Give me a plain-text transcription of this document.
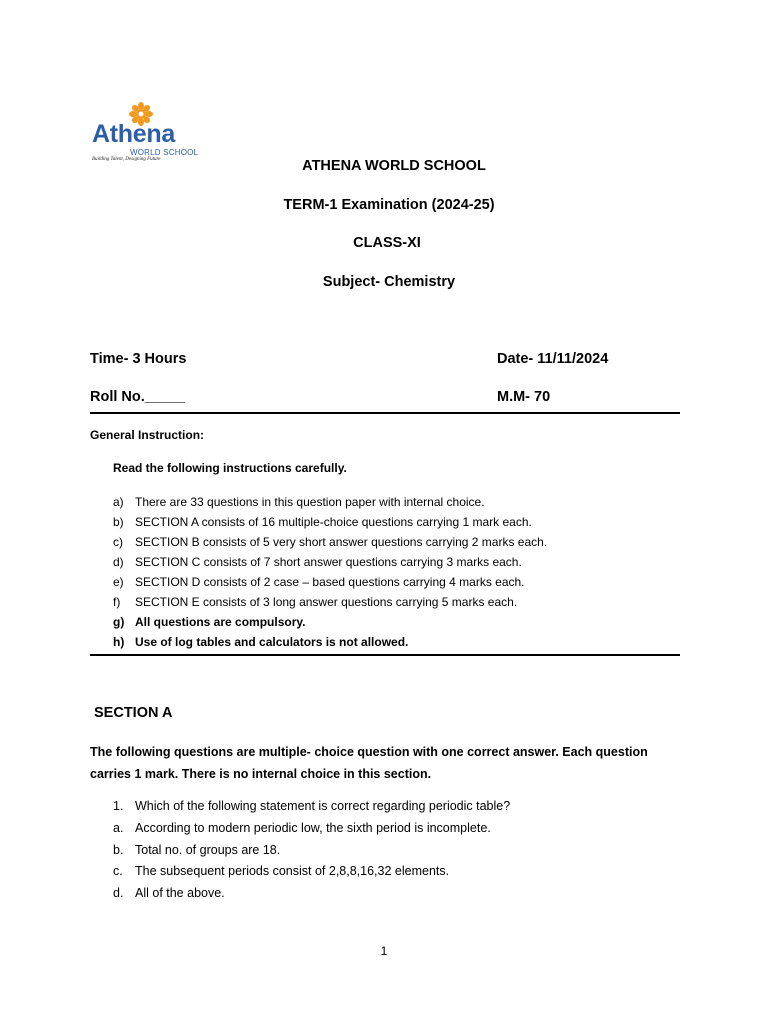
Athena
WORLD SCHOOL
Building Talent, Designing Future	ATHENA WORLD SCHOOL
TERM-1 Examination (2024-25)
CLASS-XI
Subject- Chemistry
Time- 3 Hours	Date- 11/11/2024
Roll No._____	M.M- 70
General Instruction:
Read the following instructions carefully.
a) There are 33 questions in this question paper with internal choice.
b) SECTION A consists of 16 multiple-choice questions carrying 1 mark each.
c)	SECTION B consists of 5 very short answer questions carrying 2 marks each.
d) SECTION C consists of 7 short answer questions carrying 3 marks each.
e) SECTION D consists of 2 case – based questions carrying 4 marks each.
f)	SECTION E consists of 3 long answer questions carrying 5 marks each.
g) All questions are compulsory.
h) Use of log tables and calculators is not allowed.
SECTION A
The following questions are multiple- choice question with one correct answer. Each question carries 1 mark. There is no internal choice in this section.
1. Which of the following statement is correct regarding periodic table?
a. According to modern periodic low, the sixth period is incomplete.
b. Total no. of groups are 18.
c. The subsequent periods consist of 2,8,8,16,32 elements.
d. All of the above.
1
